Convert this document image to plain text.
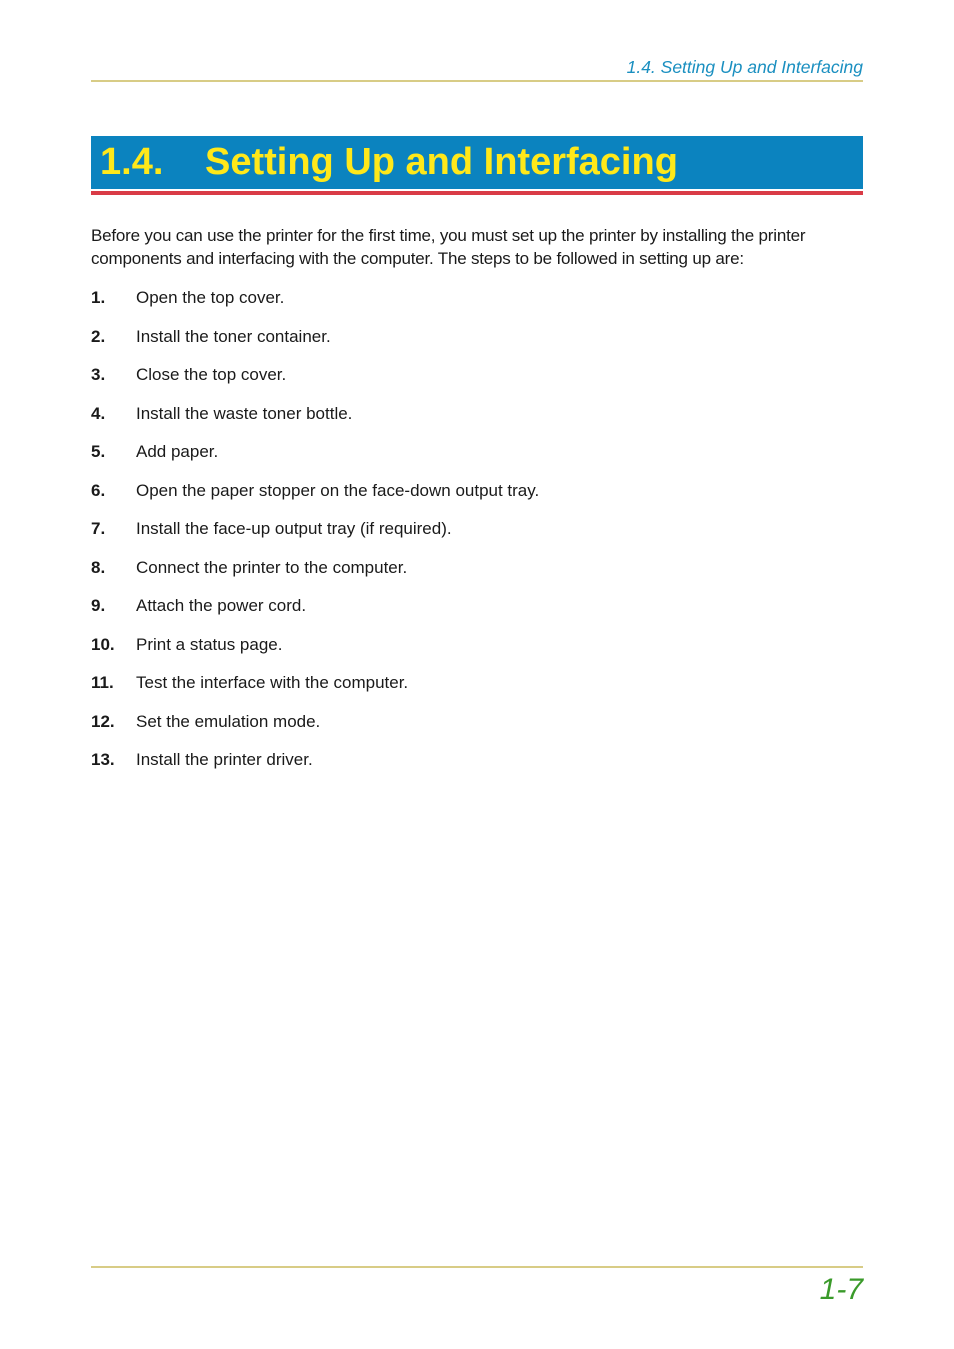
1.4. Setting Up and Interfacing
1.4. Setting Up and Interfacing

Before you can use the printer for the first time, you must set up the printer by installing the printer components and interfacing with the computer. The steps to be followed in setting up are:

1. Open the top cover.
2. Install the toner container.
3. Close the top cover.
4. Install the waste toner bottle.
5. Add paper.
6. Open the paper stopper on the face-down output tray.
7. Install the face-up output tray (if required).
8. Connect the printer to the computer.
9. Attach the power cord.
10. Print a status page.
11. Test the interface with the computer.
12. Set the emulation mode.
13. Install the printer driver.
1-7
